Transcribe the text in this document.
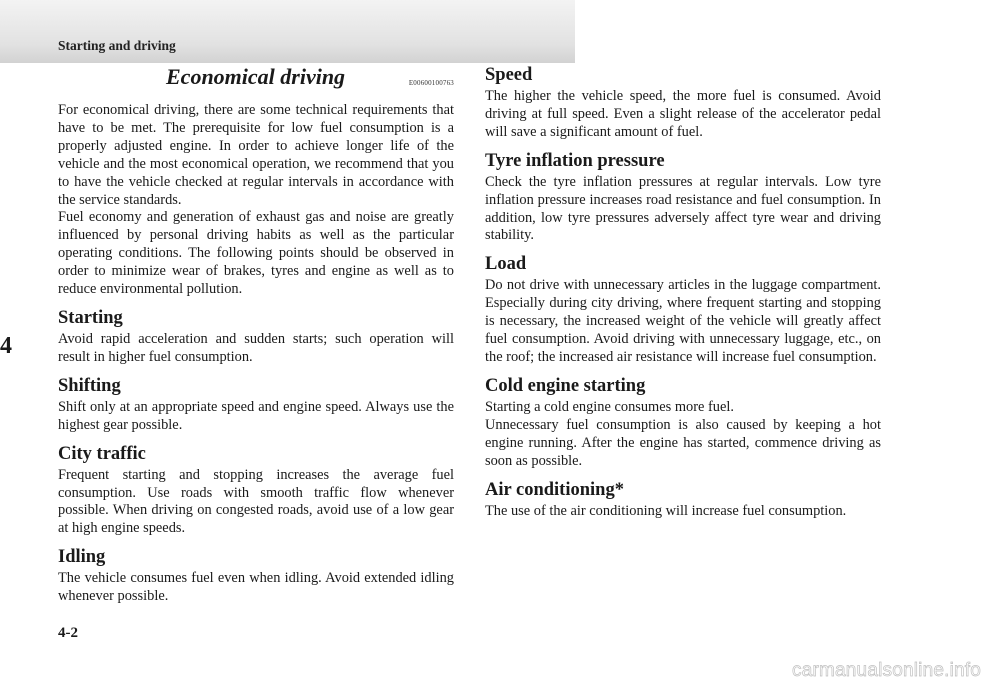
Starting and driving
4
Economical driving	E00600100763

For economical driving, there are some technical requirements that have to be met. The prerequisite for low fuel consumption is a properly adjusted engine. In order to achieve longer life of the vehicle and the most economical operation, we recommend that you to have the vehicle checked at regular intervals in accordance with the service standards.

Fuel economy and generation of exhaust gas and noise are greatly influenced by personal driving habits as well as the particular operating conditions. The following points should be observed in order to minimize wear of brakes, tyres and engine as well as to reduce environmental pollution.

Starting

Avoid rapid acceleration and sudden starts; such operation will result in higher fuel consumption.

Shifting

Shift only at an appropriate speed and engine speed. Always use the highest gear possible.

City traffic

Frequent starting and stopping increases the average fuel consumption. Use roads with smooth traffic flow whenever possible. When driving on congested roads, avoid use of a low gear at high engine speeds.

Idling

The vehicle consumes fuel even when idling. Avoid extended idling whenever possible.

Speed

The higher the vehicle speed, the more fuel is consumed. Avoid driving at full speed. Even a slight release of the accelerator pedal will save a significant amount of fuel.

Tyre inflation pressure

Check the tyre inflation pressures at regular intervals. Low tyre inflation pressure increases road resistance and fuel consumption. In addition, low tyre pressures adversely affect tyre wear and driving stability.

Load

Do not drive with unnecessary articles in the luggage compartment. Especially during city driving, where frequent starting and stopping is necessary, the increased weight of the vehicle will greatly affect fuel consumption. Avoid driving with unnecessary luggage, etc., on the roof; the increased air resistance will increase fuel consumption.

Cold engine starting

Starting a cold engine consumes more fuel.

Unnecessary fuel consumption is also caused by keeping a hot engine running. After the engine has started, commence driving as soon as possible.

Air conditioning*

The use of the air conditioning will increase fuel consumption.

4-2
carmanualsonline.info
